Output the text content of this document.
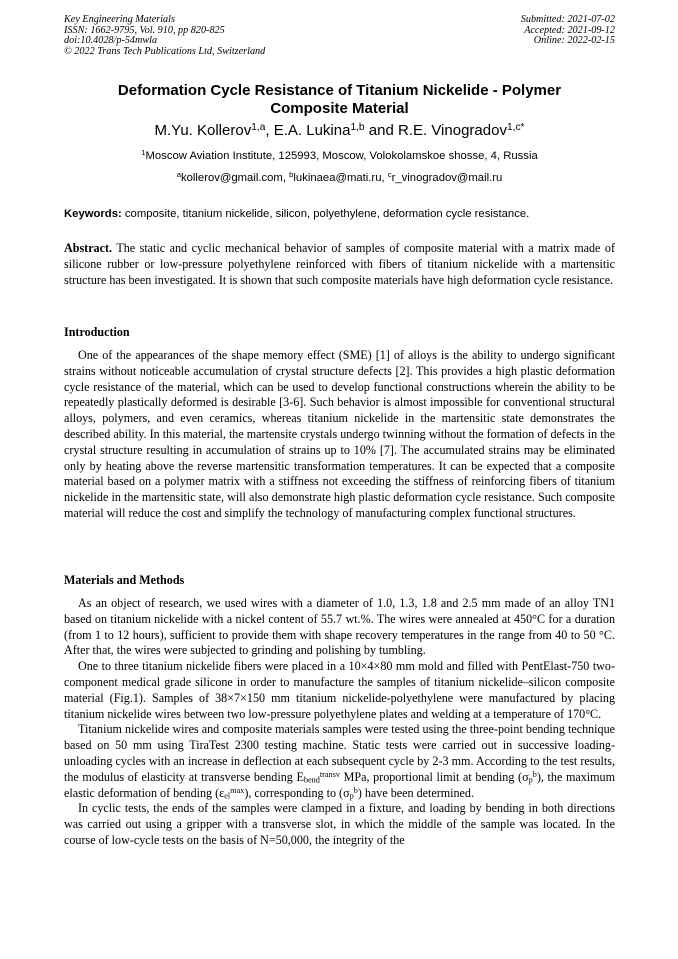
Key Engineering Materials
ISSN: 1662-9795, Vol. 910, pp 820-825
doi:10.4028/p-54mwla
© 2022 Trans Tech Publications Ltd, Switzerland
Submitted: 2021-07-02
Accepted: 2021-09-12
Online: 2022-02-15
Deformation Cycle Resistance of Titanium Nickelide - Polymer
Composite Material
M.Yu. Kollerov$^{1,a}$, E.A. Lukina$^{1,b}$ and R.E. Vinogradov$^{1,c*}$
$^1$Moscow Aviation Institute, 125993, Moscow, Volokolamskoe shosse, 4, Russia
$^a$kollerov@gmail.com, $^b$lukinaea@mati.ru, $^c$r_vinogradov@mail.ru
Keywords: composite, titanium nickelide, silicon, polyethylene, deformation cycle resistance.
Abstract. The static and cyclic mechanical behavior of samples of composite material with a matrix made of silicone rubber or low-pressure polyethylene reinforced with fibers of titanium nickelide with a martensitic structure has been investigated. It is shown that such composite materials have high deformation cycle resistance.
Introduction
One of the appearances of the shape memory effect (SME) [1] of alloys is the ability to undergo significant strains without noticeable accumulation of crystal structure defects [2]. This provides a high plastic deformation cycle resistance of the material, which can be used to develop functional constructions wherein the ability to be repeatedly plastically deformed is desirable [3-6]. Such behavior is almost impossible for conventional structural alloys, polymers, and even ceramics, whereas titanium nickelide in the martensitic state demonstrates the described ability. In this material, the martensite crystals undergo twinning without the formation of defects in the crystal structure resulting in accumulation of strains up to 10% [7]. The accumulated strains may be eliminated only by heating above the reverse martensitic transformation temperatures. It can be expected that a composite material based on a polymer matrix with a stiffness not exceeding the stiffness of reinforcing fibers of titanium nickelide in the martensitic state, will also demonstrate high plastic deformation cycle resistance. Such composite material will reduce the cost and simplify the technology of manufacturing complex functional structures.
Materials and Methods

As an object of research, we used wires with a diameter of 1.0, 1.3, 1.8 and 2.5 mm made of an alloy TN1 based on titanium nickelide with a nickel content of 55.7 wt.%. The wires were annealed at 450°C for a duration (from 1 to 12 hours), sufficient to provide them with shape recovery temperatures in the range from 40 to 50 °C. After that, the wires were subjected to grinding and polishing by tumbling.

One to three titanium nickelide fibers were placed in a 10×4×80 mm mold and filled with PentElast-750 two-component medical grade silicone in order to manufacture the samples of titanium nickelide–silicon composite material (Fig.1). Samples of 38×7×150 mm titanium nickelide-polyethylene were manufactured by placing titanium nickelide wires between two low-pressure polyethylene plates and welding at a temperature of 170°C.

Titanium nickelide wires and composite materials samples were tested using the three-point bending technique based on 50 mm using TiraTest 2300 testing machine. Static tests were carried out in successive loading-unloading cycles with an increase in deflection at each subsequent cycle by 2-3 mm. According to the test results, the modulus of elasticity at transverse bending $E_{bend}^{transv}$ MPa, proportional limit at bending $(\sigma_p^b)$, the maximum elastic deformation of bending $(\varepsilon_{el}^{max})$, corresponding to $(\sigma_p^b)$ have been determined.

In cyclic tests, the ends of the samples were clamped in a fixture, and loading by bending in both directions was carried out using a gripper with a transverse slot, in which the middle of the sample was located. In the course of low-cycle tests on the basis of N=50,000, the integrity of the
